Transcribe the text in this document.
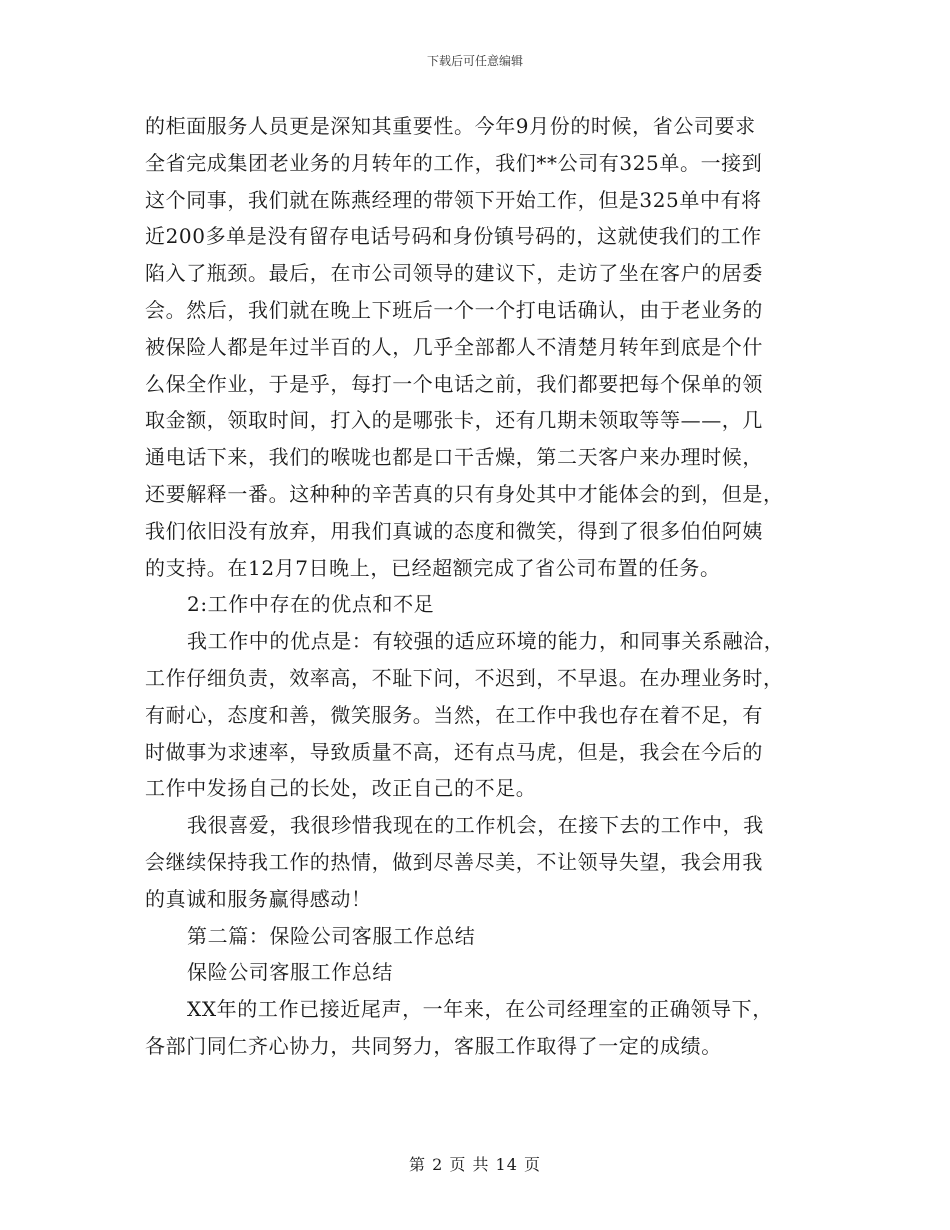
下载后可任意编辑
的柜面服务人员更是深知其重要性。今年9月份的时候，省公司要求
全省完成集团老业务的月转年的工作，我们**公司有325单。一接到
这个同事，我们就在陈燕经理的带领下开始工作，但是325单中有将
近200多单是没有留存电话号码和身份镇号码的，这就使我们的工作
陷入了瓶颈。最后，在市公司领导的建议下，走访了坐在客户的居委
会。然后，我们就在晚上下班后一个一个打电话确认，由于老业务的
被保险人都是年过半百的人，几乎全部都人不清楚月转年到底是个什
么保全作业，于是乎，每打一个电话之前，我们都要把每个保单的领
取金额，领取时间，打入的是哪张卡，还有几期未领取等等——，几
通电话下来，我们的喉咙也都是口干舌燥，第二天客户来办理时候，
还要解释一番。这种种的辛苦真的只有身处其中才能体会的到，但是，
我们依旧没有放弃，用我们真诚的态度和微笑，得到了很多伯伯阿姨
的支持。在12月7日晚上，已经超额完成了省公司布置的任务。
2:工作中存在的优点和不足
我工作中的优点是：有较强的适应环境的能力，和同事关系融洽，
工作仔细负责，效率高，不耻下问，不迟到，不早退。在办理业务时，
有耐心，态度和善，微笑服务。当然，在工作中我也存在着不足，有
时做事为求速率，导致质量不高，还有点马虎，但是，我会在今后的
工作中发扬自己的长处，改正自己的不足。
我很喜爱，我很珍惜我现在的工作机会，在接下去的工作中，我
会继续保持我工作的热情，做到尽善尽美，不让领导失望，我会用我
的真诚和服务赢得感动！
第二篇：保险公司客服工作总结
保险公司客服工作总结
XX年的工作已接近尾声，一年来，在公司经理室的正确领导下，
各部门同仁齐心协力，共同努力，客服工作取得了一定的成绩。
第 2 页 共 14 页
